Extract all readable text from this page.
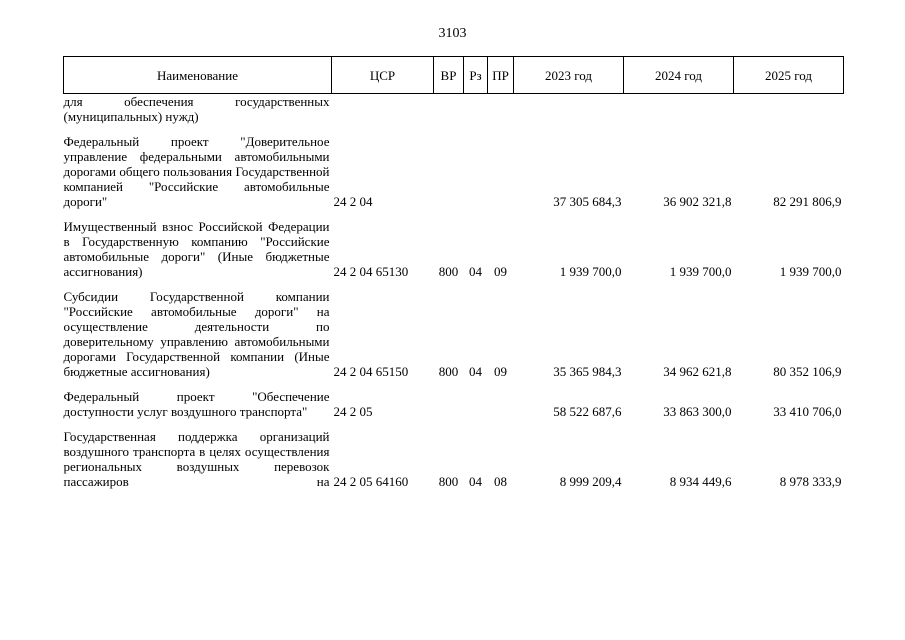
3103
Наименование	ЦСР	ВР	Рз	ПР	2023 год	2024 год	2025 год
для обеспечения государственных (муниципальных) нужд)							

Федеральный проект "Доверительное управление федеральными автомобильными дорогами общего пользования Государственной компанией "Российские автомобильные дороги"	24 2 04				37 305 684,3	36 902 321,8	82 291 806,9

Имущественный взнос Российской Федерации в Государственную компанию "Российские автомобильные дороги" (Иные бюджетные ассигнования)	24 2 04 65130	800	04	09	1 939 700,0	1 939 700,0	1 939 700,0

Субсидии Государственной компании "Российские автомобильные дороги" на осуществление деятельности по доверительному управлению автомобильными дорогами Государственной компании (Иные бюджетные ассигнования)	24 2 04 65150	800	04	09	35 365 984,3	34 962 621,8	80 352 106,9

Федеральный проект "Обеспечение доступности услуг воздушного транспорта"	24 2 05				58 522 687,6	33 863 300,0	33 410 706,0

Государственная поддержка организаций воздушного транспорта в целях осуществления региональных воздушных перевозок пассажиров на	24 2 05 64160	800	04	08	8 999 209,4	8 934 449,6	8 978 333,9
